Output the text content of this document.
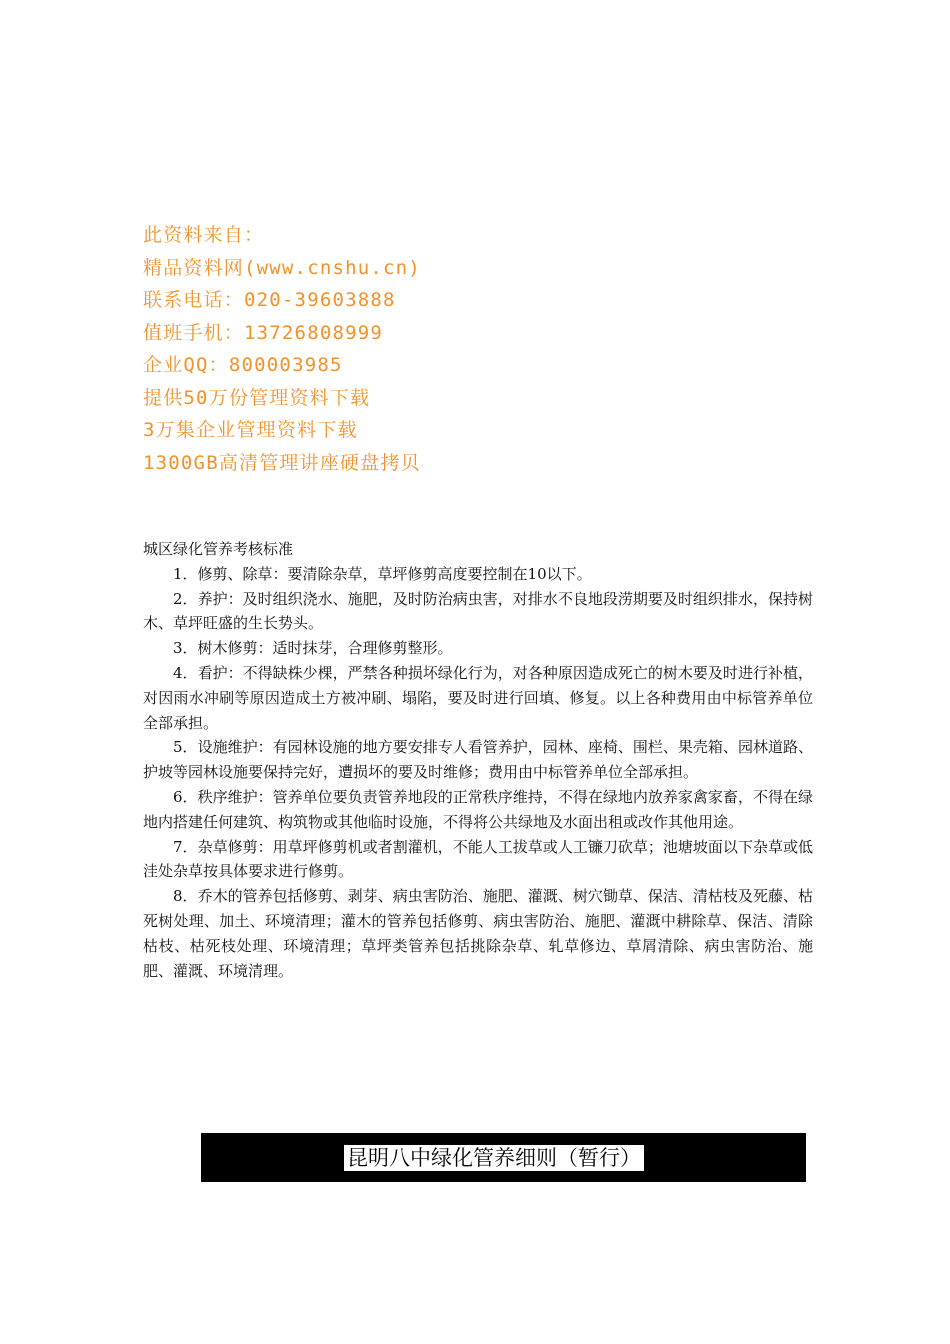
此资料来自：
精品资料网(www.cnshu.cn)
联系电话：020-39603888
值班手机：13726808999
企业QQ：800003985
提供50万份管理资料下载
3万集企业管理资料下载
1300GB高清管理讲座硬盘拷贝
城区绿化管养考核标准

1．修剪、除草：要清除杂草，草坪修剪高度要控制在10以下。

2．养护：及时组织浇水、施肥，及时防治病虫害，对排水不良地段涝期要及时组织排水，保持树木、草坪旺盛的生长势头。

3．树木修剪：适时抹芽，合理修剪整形。

4．看护：不得缺株少棵，严禁各种损坏绿化行为，对各种原因造成死亡的树木要及时进行补植，对因雨水冲刷等原因造成土方被冲刷、塌陷，要及时进行回填、修复。以上各种费用由中标管养单位全部承担。

5．设施维护：有园林设施的地方要安排专人看管养护，园林、座椅、围栏、果壳箱、园林道路、护坡等园林设施要保持完好，遭损坏的要及时维修；费用由中标管养单位全部承担。

6．秩序维护：管养单位要负责管养地段的正常秩序维持，不得在绿地内放养家禽家畜，不得在绿地内搭建任何建筑、构筑物或其他临时设施，不得将公共绿地及水面出租或改作其他用途。

7．杂草修剪：用草坪修剪机或者割灌机，不能人工拔草或人工镰刀砍草；池塘坡面以下杂草或低洼处杂草按具体要求进行修剪。

8．乔木的管养包括修剪、剥芽、病虫害防治、施肥、灌溉、树穴锄草、保洁、清枯枝及死藤、枯死树处理、加土、环境清理；灌木的管养包括修剪、病虫害防治、施肥、灌溉中耕除草、保洁、清除枯枝、枯死枝处理、环境清理；草坪类管养包括挑除杂草、轧草修边、草屑清除、病虫害防治、施肥、灌溉、环境清理。

昆明八中绿化管养细则（暂行）
